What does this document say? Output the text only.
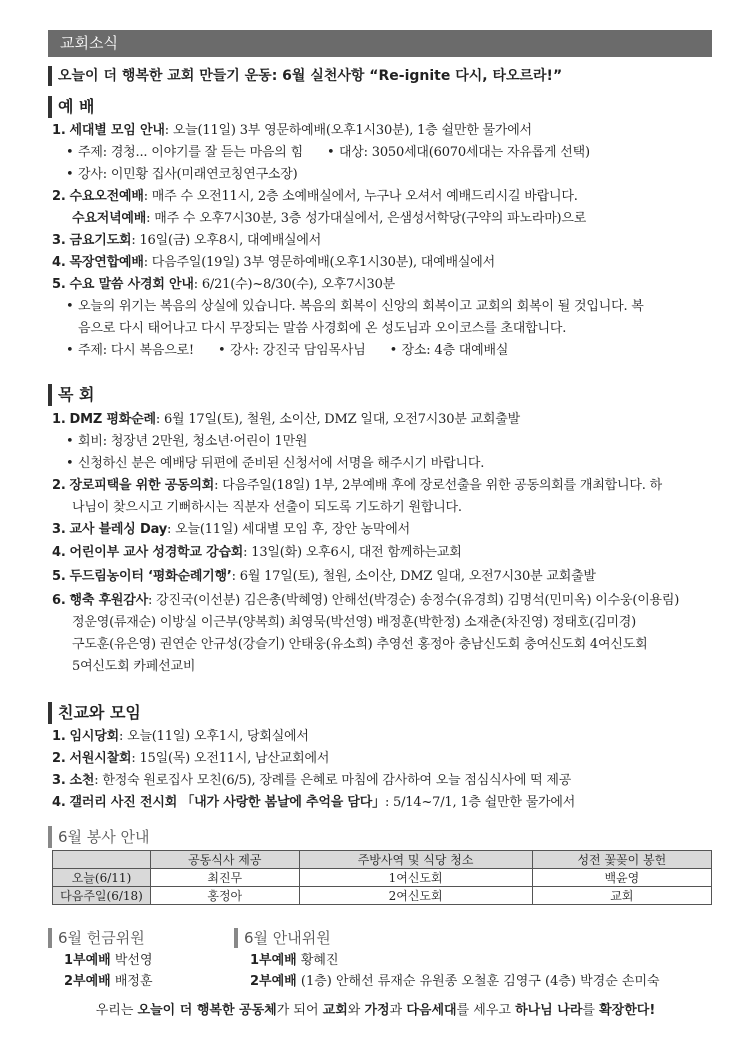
교회소식
오늘이 더 행복한 교회 만들기 운동: 6월 실천사항 “Re-ignite 다시, 타오르라!”
예 배
1. 세대별 모임 안내: 오늘(11일) 3부 영문하예배(오후1시30분), 1층 쉴만한 물가에서
• 주제: 경청... 이야기를 잘 듣는 마음의 힘 • 대상: 3050세대(6070세대는 자유롭게 선택)
• 강사: 이민황 집사(미래연코칭연구소장)
2. 수요오전예배: 매주 수 오전11시, 2층 소예배실에서, 누구나 오셔서 예배드리시길 바랍니다.
수요저녁예배: 매주 수 오후7시30분, 3층 성가대실에서, 은샘성서학당(구약의 파노라마)으로
3. 금요기도회: 16일(금) 오후8시, 대예배실에서
4. 목장연합예배: 다음주일(19일) 3부 영문하예배(오후1시30분), 대예배실에서
5. 수요 말씀 사경회 안내: 6/21(수)~8/30(수), 오후7시30분
• 오늘의 위기는 복음의 상실에 있습니다. 복음의 회복이 신앙의 회복이고 교회의 회복이 될 것입니다. 복
음으로 다시 태어나고 다시 무장되는 말씀 사경회에 온 성도님과 오이코스를 초대합니다.
• 주제: 다시 복음으로! • 강사: 강진국 담임목사님 • 장소: 4층 대예배실
목 회
1. DMZ 평화순례: 6월 17일(토), 철원, 소이산, DMZ 일대, 오전7시30분 교회출발
• 회비: 청장년 2만원, 청소년·어린이 1만원
• 신청하신 분은 예배당 뒤편에 준비된 신청서에 서명을 해주시기 바랍니다.
2. 장로피택을 위한 공동의회: 다음주일(18일) 1부, 2부예배 후에 장로선출을 위한 공동의회를 개최합니다. 하
나님이 찾으시고 기뻐하시는 직분자 선출이 되도록 기도하기 원합니다.
3. 교사 블레싱 Day: 오늘(11일) 세대별 모임 후, 장안 농막에서
4. 어린이부 교사 성경학교 강습회: 13일(화) 오후6시, 대전 함께하는교회
5. 두드림농이터 ‘평화순례기행’: 6월 17일(토), 철원, 소이산, DMZ 일대, 오전7시30분 교회출발
6. 행축 후원감사: 강진국(이선분) 김은총(박혜영) 안해선(박경순) 송정수(유경희) 김명석(민미옥) 이수웅(이용림)
정운영(류재순) 이방실 이근부(양복희) 최영묵(박선영) 배정훈(박한정) 소재춘(차진영) 정태호(김미경)
구도훈(유은영) 권연순 안규성(강슬기) 안태웅(유소희) 추영선 홍정아 충남신도회 충여신도회 4여신도회
5여신도회 카페선교비
친교와 모임
1. 임시당회: 오늘(11일) 오후1시, 당회실에서
2. 서원시찰회: 15일(목) 오전11시, 남산교회에서
3. 소천: 한정숙 원로집사 모친(6/5), 장례를 은혜로 마침에 감사하여 오늘 점심식사에 떡 제공
4. 갤러리 사진 전시회 「내가 사랑한 봄날에 추억을 담다」: 5/14~7/1, 1층 쉴만한 물가에서
6월 봉사 안내
	공동식사 제공	주방사역 및 식당 청소	성전 꽃꽂이 봉헌
오늘(6/11)	최진무	1여신도회	백윤영
다음주일(6/18)	홍정아	2여신도회	교회
6월 헌금위원
1부예배 박선영
2부예배 배정훈
6월 안내위원
1부예배 황혜진
2부예배 (1층) 안해선 류재순 유원종 오철훈 김영구 (4층) 박경순 손미숙
우리는 오늘이 더 행복한 공동체가 되어 교회와 가정과 다음세대를 세우고 하나님 나라를 확장한다!
